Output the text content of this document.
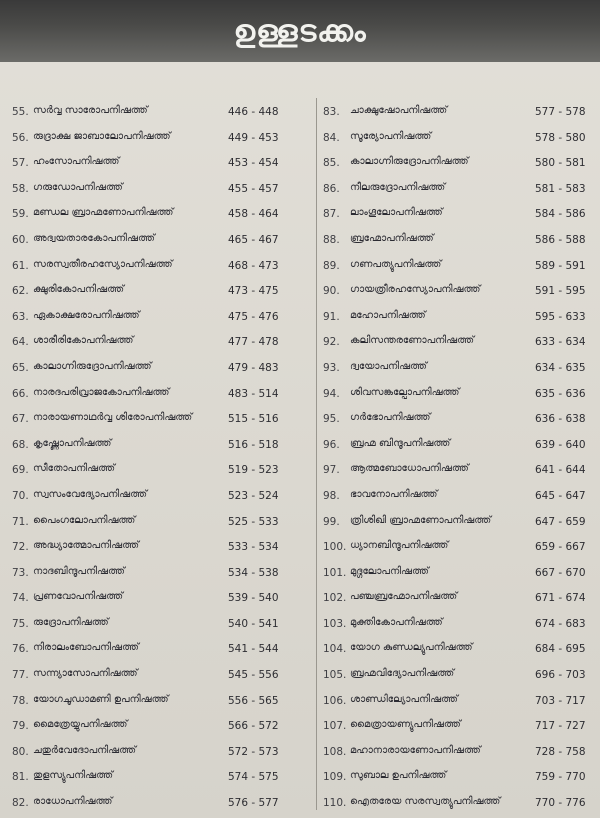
ഉള്ളടക്കം
55. സർവ്വ സാരോപനിഷത്ത്	446 - 448
56. രുദ്രാക്ഷ ജാബാലോപനിഷത്ത്	449 - 453
57. ഹംസോപനിഷത്ത്	453 - 454
58. ഗരുഡോപനിഷത്ത്	455 - 457
59. മണ്ഡല ബ്രാഹ്മണോപനിഷത്ത്	458 - 464
60. അദ്വയതാരകോപനിഷത്ത്	465 - 467
61. സരസ്വതീരഹസ്യോപനിഷത്ത്	468 - 473
62. ക്ഷുരികോപനിഷത്ത്	473 - 475
63. ഏകാക്ഷരോപനിഷത്ത്	475 - 476
64. ശാരീരികോപനിഷത്ത്	477 - 478
65. കാലാഗ്നിരുദ്രോപനിഷത്ത്	479 - 483
66. നാരദപരിവ്രാജകോപനിഷത്ത്	483 - 514
67. നാരായണാഥർവ്വ ശിരോപനിഷത്ത്	515 - 516
68. കൃഷ്ണോപനിഷത്ത്	516 - 518
69. സീതോപനിഷത്ത്	519 - 523
70. സ്വസംവേദ്യോപനിഷത്ത്	523 - 524
71. പൈംഗലോപനിഷത്ത്	525 - 533
72. അദ്ധ്യാത്മോപനിഷത്ത്	533 - 534
73. നാദബിന്ദൂപനിഷത്ത്	534 - 538
74. പ്രണവോപനിഷത്ത്	539 - 540
75. രുദ്രോപനിഷത്ത്	540 - 541
76. നിരാലംബോപനിഷത്ത്	541 - 544
77. സന്ന്യാസോപനിഷത്ത്	545 - 556
78. യോഗചൂഡാമണി ഉപനിഷത്ത്	556 - 565
79. മൈത്രേയ്യുപനിഷത്ത്	566 - 572
80. ചതുർവേദോപനിഷത്ത്	572 - 573
81. തുളസ്യുപനിഷത്ത്	574 - 575
82. രാധോപനിഷത്ത്	576 - 577
83. ചാക്ഷുഷോപനിഷത്ത്	577 - 578
84. സൂര്യോപനിഷത്ത്	578 - 580
85. കാലാഗ്നിരുദ്രോപനിഷത്ത്	580 - 581
86. നീലരുദ്രോപനിഷത്ത്	581 - 583
87. ലാംഗൂലോപനിഷത്ത്	584 - 586
88. ബ്രഹ്മോപനിഷത്ത്	586 - 588
89. ഗണപത്യുപനിഷത്ത്	589 - 591
90. ഗായത്രീരഹസ്യോപനിഷത്ത്	591 - 595
91. മഹോപനിഷത്ത്	595 - 633
92. കലിസന്തരണോപനിഷത്ത്	633 - 634
93. ദ്വയോപനിഷത്ത്	634 - 635
94. ശിവസങ്കല്പോപനിഷത്ത്	635 - 636
95. ഗർഭോപനിഷത്ത്	636 - 638
96. ബ്രഹ്മ ബിന്ദൂപനിഷത്ത്	639 - 640
97. ആത്മബോധോപനിഷത്ത്	641 - 644
98. ഭാവനോപനിഷത്ത്	645 - 647
99. ത്രിശിഖി ബ്രാഹ്മണോപനിഷത്ത്	647 - 659
100. ധ്യാനബിന്ദൂപനിഷത്ത്	659 - 667
101. മുദ്ഗലോപനിഷത്ത്	667 - 670
102. പഞ്ചബ്രഹ്മോപനിഷത്ത്	671 - 674
103. മുക്തികോപനിഷത്ത്	674 - 683
104. യോഗ കുണ്ഡല്യുപനിഷത്ത്	684 - 695
105. ബ്രഹ്മവിദ്യോപനിഷത്ത്	696 - 703
106. ശാണ്ഡില്യോപനിഷത്ത്	703 - 717
107. മൈത്രായണ്യുപനിഷത്ത്	717 - 727
108. മഹാനാരായണോപനിഷത്ത്	728 - 758
109. സുബാല ഉപനിഷത്ത്	759 - 770
110. ഐതരേയ സരസ്വത്യുപനിഷത്ത്	770 - 776
